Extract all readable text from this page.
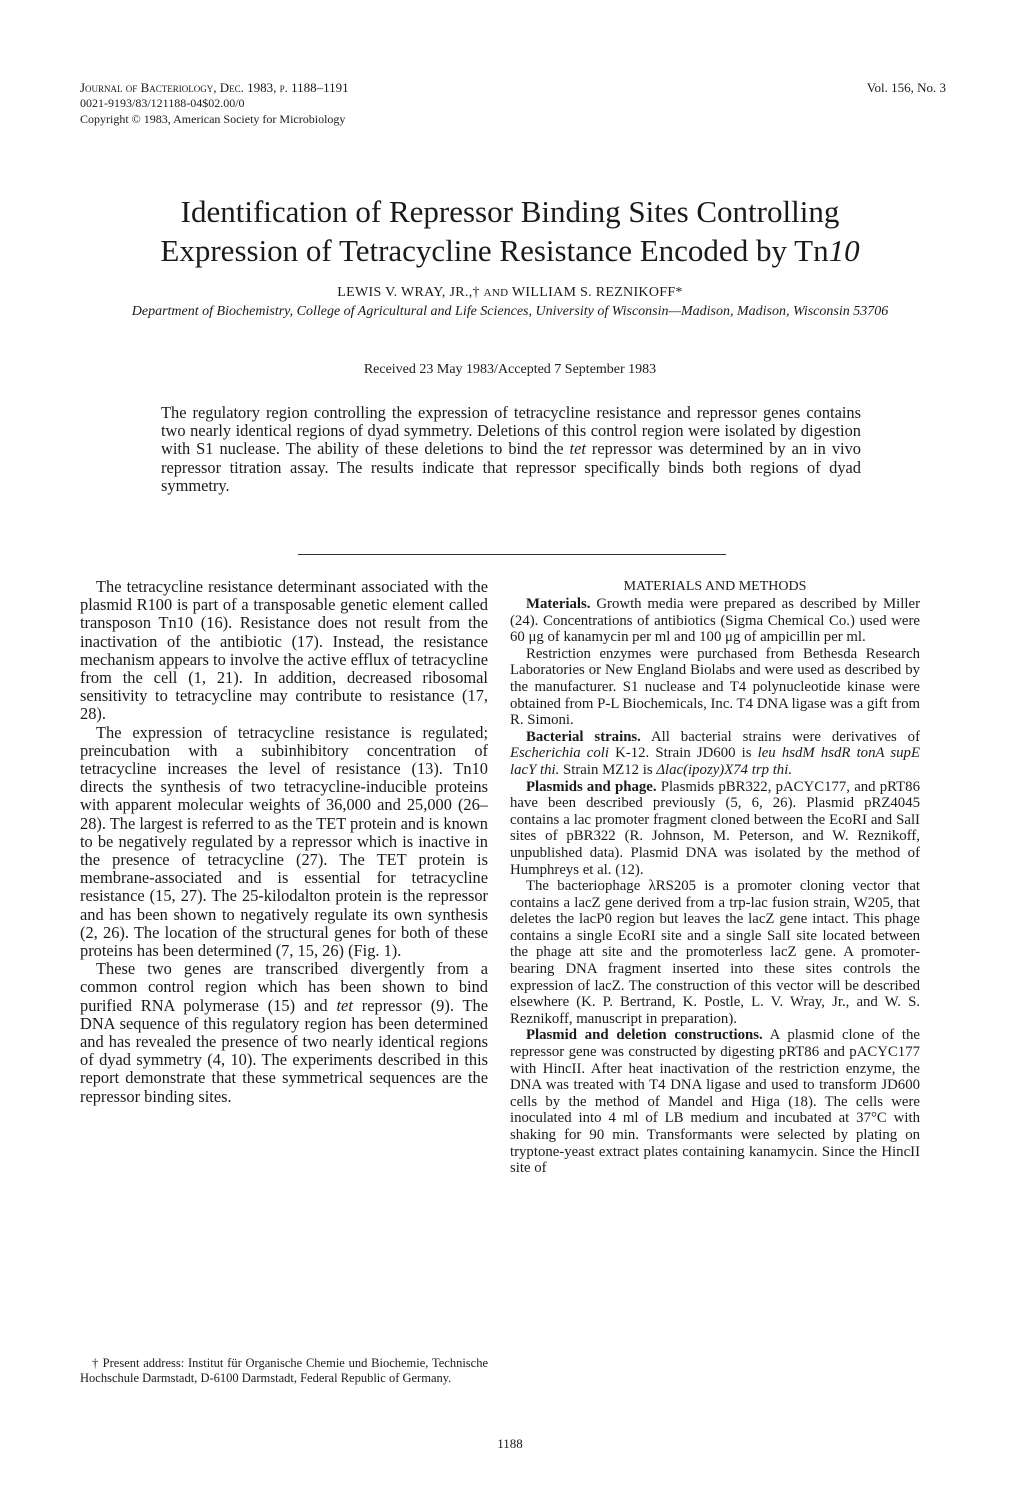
Journal of Bacteriology, Dec. 1983, p. 1188–1191
0021-9193/83/121188-04$02.00/0
Copyright © 1983, American Society for Microbiology
Vol. 156, No. 3
Identification of Repressor Binding Sites Controlling
Expression of Tetracycline Resistance Encoded by Tn10
LEWIS V. WRAY, JR.,† AND WILLIAM S. REZNIKOFF*
Department of Biochemistry, College of Agricultural and Life Sciences, University of Wisconsin—Madison, Madison, Wisconsin 53706
Received 23 May 1983/Accepted 7 September 1983
The regulatory region controlling the expression of tetracycline resistance and repressor genes contains two nearly identical regions of dyad symmetry. Deletions of this control region were isolated by digestion with S1 nuclease. The ability of these deletions to bind the tet repressor was determined by an in vivo repressor titration assay. The results indicate that repressor specifically binds both regions of dyad symmetry.

The tetracycline resistance determinant associated with the plasmid R100 is part of a transposable genetic element called transposon Tn10 (16). Resistance does not result from the inactivation of the antibiotic (17). Instead, the resistance mechanism appears to involve the active efflux of tetracycline from the cell (1, 21). In addition, decreased ribosomal sensitivity to tetracycline may contribute to resistance (17, 28).

The expression of tetracycline resistance is regulated; preincubation with a subinhibitory concentration of tetracycline increases the level of resistance (13). Tn10 directs the synthesis of two tetracycline-inducible proteins with apparent molecular weights of 36,000 and 25,000 (26–28). The largest is referred to as the TET protein and is known to be negatively regulated by a repressor which is inactive in the presence of tetracycline (27). The TET protein is membrane-associated and is essential for tetracycline resistance (15, 27). The 25-kilodalton protein is the repressor and has been shown to negatively regulate its own synthesis (2, 26). The location of the structural genes for both of these proteins has been determined (7, 15, 26) (Fig. 1).

These two genes are transcribed divergently from a common control region which has been shown to bind purified RNA polymerase (15) and tet repressor (9). The DNA sequence of this regulatory region has been determined and has revealed the presence of two nearly identical regions of dyad symmetry (4, 10). The experiments described in this report demonstrate that these symmetrical sequences are the repressor binding sites.

† Present address: Institut für Organische Chemie und Biochemie, Technische Hochschule Darmstadt, D-6100 Darmstadt, Federal Republic of Germany.

MATERIALS AND METHODS

Materials. Growth media were prepared as described by Miller (24). Concentrations of antibiotics (Sigma Chemical Co.) used were 60 μg of kanamycin per ml and 100 μg of ampicillin per ml.

Restriction enzymes were purchased from Bethesda Research Laboratories or New England Biolabs and were used as described by the manufacturer. S1 nuclease and T4 polynucleotide kinase were obtained from P-L Biochemicals, Inc. T4 DNA ligase was a gift from R. Simoni.

Bacterial strains. All bacterial strains were derivatives of Escherichia coli K-12. Strain JD600 is leu hsdM hsdR tonA supE lacY thi. Strain MZ12 is Δlac(ipozy)X74 trp thi.

Plasmids and phage. Plasmids pBR322, pACYC177, and pRT86 have been described previously (5, 6, 26). Plasmid pRZ4045 contains a lac promoter fragment cloned between the EcoRI and SalI sites of pBR322 (R. Johnson, M. Peterson, and W. Reznikoff, unpublished data). Plasmid DNA was isolated by the method of Humphreys et al. (12).

The bacteriophage λRS205 is a promoter cloning vector that contains a lacZ gene derived from a trp-lac fusion strain, W205, that deletes the lacP0 region but leaves the lacZ gene intact. This phage contains a single EcoRI site and a single SalI site located between the phage att site and the promoterless lacZ gene. A promoter-bearing DNA fragment inserted into these sites controls the expression of lacZ. The construction of this vector will be described elsewhere (K. P. Bertrand, K. Postle, L. V. Wray, Jr., and W. S. Reznikoff, manuscript in preparation).

Plasmid and deletion constructions. A plasmid clone of the repressor gene was constructed by digesting pRT86 and pACYC177 with HincII. After heat inactivation of the restriction enzyme, the DNA was treated with T4 DNA ligase and used to transform JD600 cells by the method of Mandel and Higa (18). The cells were inoculated into 4 ml of LB medium and incubated at 37°C with shaking for 90 min. Transformants were selected by plating on tryptone-yeast extract plates containing kanamycin. Since the HincII site of

1188
